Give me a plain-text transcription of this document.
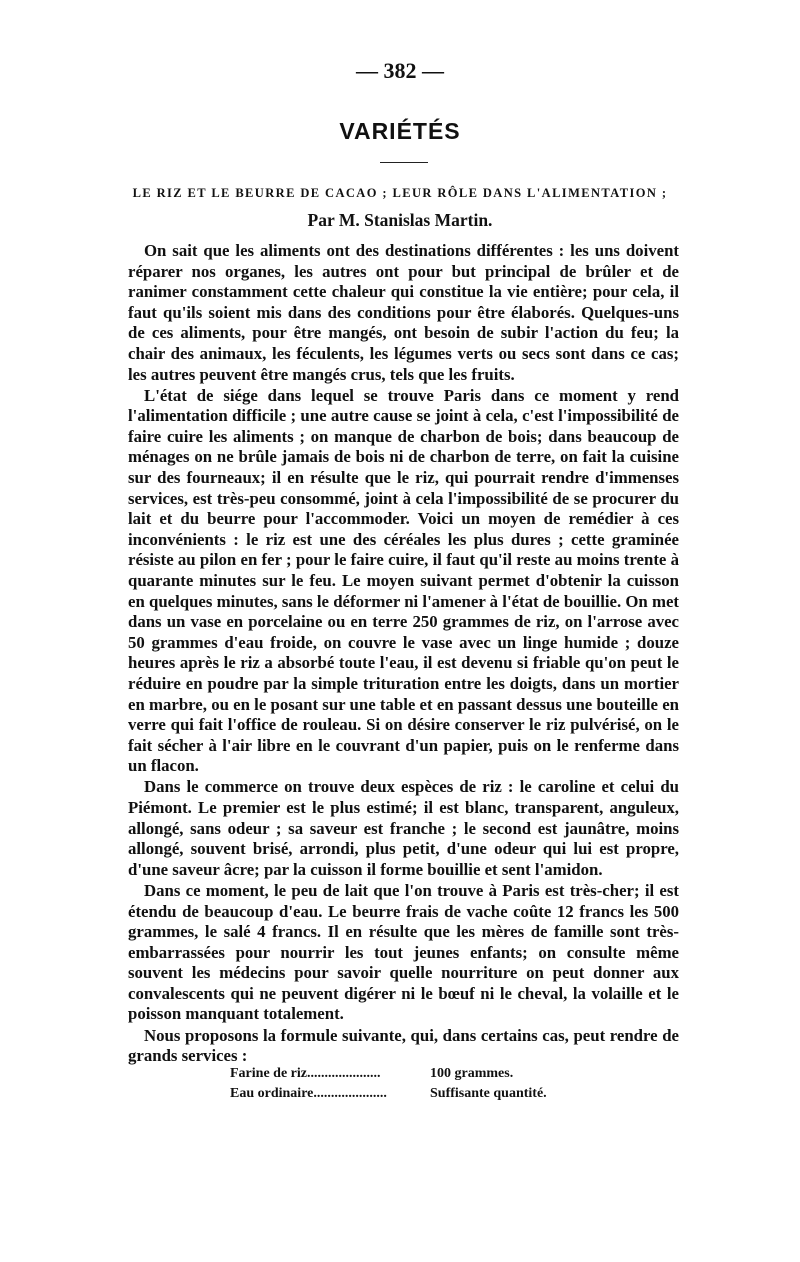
— 382 —
VARIÉTÉS
LE RIZ ET LE BEURRE DE CACAO ; LEUR RÔLE DANS L'ALIMENTATION ;
Par M. Stanislas Martin.

On sait que les aliments ont des destinations différentes : les uns doivent réparer nos organes, les autres ont pour but principal de brûler et de ranimer constamment cette chaleur qui constitue la vie entière; pour cela, il faut qu'ils soient mis dans des conditions pour être élaborés. Quelques-uns de ces aliments, pour être mangés, ont besoin de subir l'action du feu; la chair des animaux, les féculents, les légumes verts ou secs sont dans ce cas; les autres peuvent être mangés crus, tels que les fruits.

L'état de siége dans lequel se trouve Paris dans ce moment y rend l'alimentation difficile ; une autre cause se joint à cela, c'est l'impossibilité de faire cuire les aliments ; on manque de charbon de bois; dans beaucoup de ménages on ne brûle jamais de bois ni de charbon de terre, on fait la cuisine sur des fourneaux; il en résulte que le riz, qui pourrait rendre d'immenses services, est très-peu consommé, joint à cela l'impossibilité de se procurer du lait et du beurre pour l'accommoder. Voici un moyen de remédier à ces inconvénients : le riz est une des céréales les plus dures ; cette graminée résiste au pilon en fer ; pour le faire cuire, il faut qu'il reste au moins trente à quarante minutes sur le feu. Le moyen suivant permet d'obtenir la cuisson en quelques minutes, sans le déformer ni l'amener à l'état de bouillie. On met dans un vase en porcelaine ou en terre 250 grammes de riz, on l'arrose avec 50 grammes d'eau froide, on couvre le vase avec un linge humide ; douze heures après le riz a absorbé toute l'eau, il est devenu si friable qu'on peut le réduire en poudre par la simple trituration entre les doigts, dans un mortier en marbre, ou en le posant sur une table et en passant dessus une bouteille en verre qui fait l'office de rouleau. Si on désire conserver le riz pulvérisé, on le fait sécher à l'air libre en le couvrant d'un papier, puis on le renferme dans un flacon.

Dans le commerce on trouve deux espèces de riz : le caroline et celui du Piémont. Le premier est le plus estimé; il est blanc, transparent, anguleux, allongé, sans odeur ; sa saveur est franche ; le second est jaunâtre, moins allongé, souvent brisé, arrondi, plus petit, d'une odeur qui lui est propre, d'une saveur âcre; par la cuisson il forme bouillie et sent l'amidon.

Dans ce moment, le peu de lait que l'on trouve à Paris est très-cher; il est étendu de beaucoup d'eau. Le beurre frais de vache coûte 12 francs les 500 grammes, le salé 4 francs. Il en résulte que les mères de famille sont très-embarrassées pour nourrir les tout jeunes enfants; on consulte même souvent les médecins pour savoir quelle nourriture on peut donner aux convalescents qui ne peuvent digérer ni le bœuf ni le cheval, la volaille et le poisson manquant totalement.

Nous proposons la formule suivante, qui, dans certains cas, peut rendre de grands services :

Farine de riz.....................	100 grammes.
Eau ordinaire.....................	Suffisante quantité.
